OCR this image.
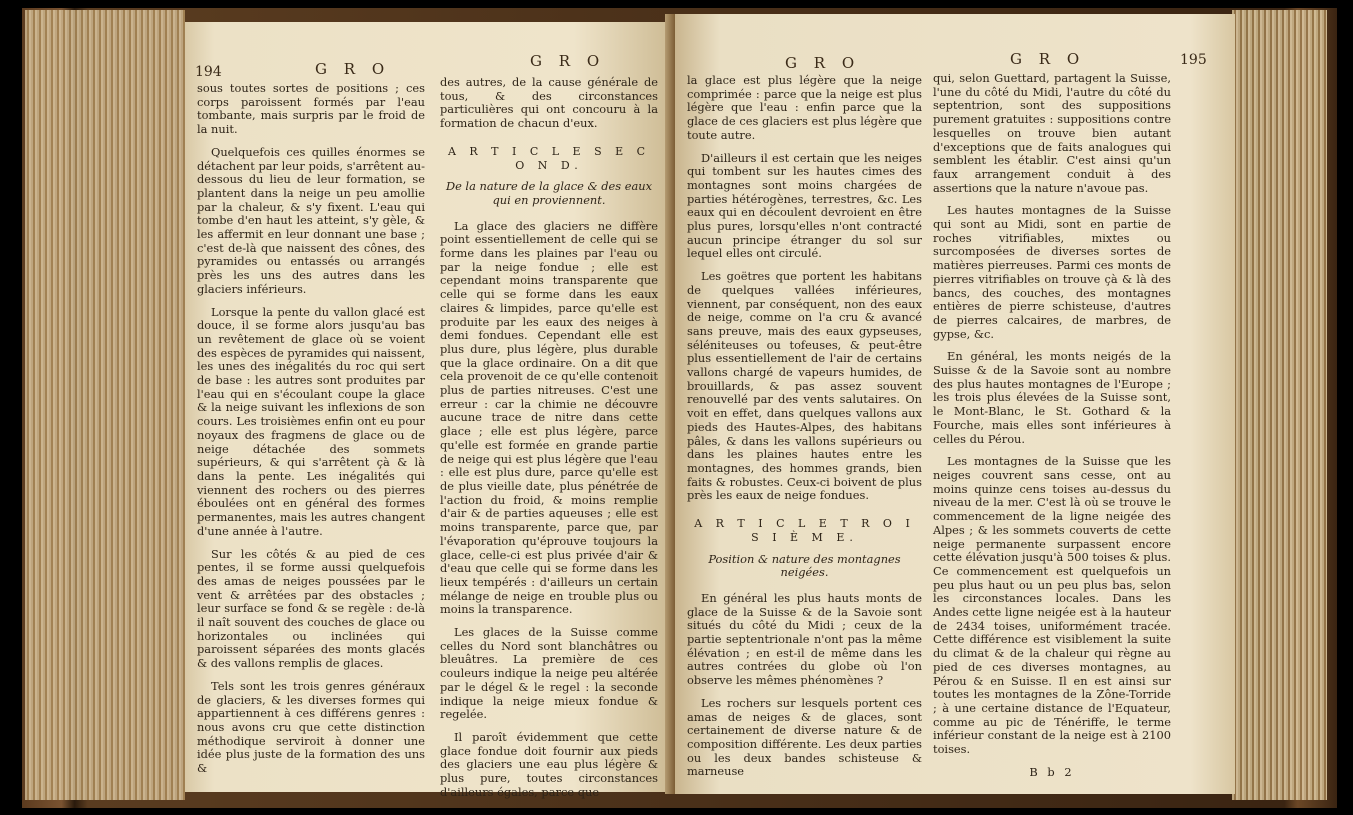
194	G R O	G R O

sous toutes sortes de positions ; ces corps paroissent formés par l'eau tombante, mais surpris par le froid de la nuit.

Quelquefois ces quilles énormes se détachent par leur poids, s'arrêtent au-dessous du lieu de leur formation, se plantent dans la neige un peu amollie par la chaleur, & s'y fixent. L'eau qui tombe d'en haut les atteint, s'y gèle, & les affermit en leur donnant une base ; c'est de-là que naissent des cônes, des pyramides ou entassés ou arrangés près les uns des autres dans les glaciers inférieurs.

Lorsque la pente du vallon glacé est douce, il se forme alors jusqu'au bas un revêtement de glace où se voient des espèces de pyramides qui naissent, les unes des inégalités du roc qui sert de base : les autres sont produites par l'eau qui en s'écoulant coupe la glace & la neige suivant les inflexions de son cours. Les troisièmes enfin ont eu pour noyaux des fragmens de glace ou de neige détachée des sommets supérieurs, & qui s'arrêtent çà & là dans la pente. Les inégalités qui viennent des rochers ou des pierres éboulées ont en général des formes permanentes, mais les autres changent d'une année à l'autre.

Sur les côtés & au pied de ces pentes, il se forme aussi quelquefois des amas de neiges poussées par le vent & arrêtées par des obstacles ; leur surface se fond & se regèle : de-là il naît souvent des couches de glace ou horizontales ou inclinées qui paroissent séparées des monts glacés & des vallons remplis de glaces.

Tels sont les trois genres généraux de glaciers, & les diverses formes qui appartiennent à ces différens genres : nous avons cru que cette distinction méthodique serviroit à donner une idée plus juste de la formation des uns &

des autres, de la cause générale de tous, & des circonstances particulières qui ont concouru à la formation de chacun d'eux.

A R T I C L E S E C O N D.
De la nature de la glace & des eaux qui en proviennent.

La glace des glaciers ne diffère point essentiellement de celle qui se forme dans les plaines par l'eau ou par la neige fondue ; elle est cependant moins transparente que celle qui se forme dans les eaux claires & limpides, parce qu'elle est produite par les eaux des neiges à demi fondues. Cependant elle est plus dure, plus légère, plus durable que la glace ordinaire. On a dit que cela provenoit de ce qu'elle contenoit plus de parties nitreuses. C'est une erreur : car la chimie ne découvre aucune trace de nitre dans cette glace ; elle est plus légère, parce qu'elle est formée en grande partie de neige qui est plus légère que l'eau : elle est plus dure, parce qu'elle est de plus vieille date, plus pénétrée de l'action du froid, & moins remplie d'air & de parties aqueuses ; elle est moins transparente, parce que, par l'évaporation qu'éprouve toujours la glace, celle-ci est plus privée d'air & d'eau que celle qui se forme dans les lieux tempérés : d'ailleurs un certain mélange de neige en trouble plus ou moins la transparence.

Les glaces de la Suisse comme celles du Nord sont blanchâtres ou bleuâtres. La première de ces couleurs indique la neige peu altérée par le dégel & le regel : la seconde indique la neige mieux fondue & regelée.

Il paroît évidemment que cette glace fondue doit fournir aux pieds des glaciers une eau plus légère & plus pure, toutes circonstances d'ailleurs égales, parce que

G R O	G R O	195

la glace est plus légère que la neige comprimée : parce que la neige est plus légère que l'eau : enfin parce que la glace de ces glaciers est plus légère que toute autre.

D'ailleurs il est certain que les neiges qui tombent sur les hautes cimes des montagnes sont moins chargées de parties hétérogènes, terrestres, &c. Les eaux qui en découlent devroient en être plus pures, lorsqu'elles n'ont contracté aucun principe étranger du sol sur lequel elles ont circulé.

Les goëtres que portent les habitans de quelques vallées inférieures, viennent, par conséquent, non des eaux de neige, comme on l'a cru & avancé sans preuve, mais des eaux gypseuses, séléniteuses ou tofeuses, & peut-être plus essentiellement de l'air de certains vallons chargé de vapeurs humides, de brouillards, & pas assez souvent renouvellé par des vents salutaires. On voit en effet, dans quelques vallons aux pieds des Hautes-Alpes, des habitans pâles, & dans les vallons supérieurs ou dans les plaines hautes entre les montagnes, des hommes grands, bien faits & robustes. Ceux-ci boivent de plus près les eaux de neige fondues.

A R T I C L E T R O I S I È M E.
Position & nature des montagnes neigées.

En général les plus hauts monts de glace de la Suisse & de la Savoie sont situés du côté du Midi ; ceux de la partie septentrionale n'ont pas la même élévation ; en est-il de même dans les autres contrées du globe où l'on observe les mêmes phénomènes ?

Les rochers sur lesquels portent ces amas de neiges & de glaces, sont certainement de diverse nature & de composition différente. Les deux parties ou les deux bandes schisteuse & marneuse

qui, selon Guettard, partagent la Suisse, l'une du côté du Midi, l'autre du côté du septentrion, sont des suppositions purement gratuites : suppositions contre lesquelles on trouve bien autant d'exceptions que de faits analogues qui semblent les établir. C'est ainsi qu'un faux arrangement conduit à des assertions que la nature n'avoue pas.

Les hautes montagnes de la Suisse qui sont au Midi, sont en partie de roches vitrifiables, mixtes ou surcomposées de diverses sortes de matières pierreuses. Parmi ces monts de pierres vitrifiables on trouve çà & là des bancs, des couches, des montagnes entières de pierre schisteuse, d'autres de pierres calcaires, de marbres, de gypse, &c.

En général, les monts neigés de la Suisse & de la Savoie sont au nombre des plus hautes montagnes de l'Europe ; les trois plus élevées de la Suisse sont, le Mont-Blanc, le St. Gothard & la Fourche, mais elles sont inférieures à celles du Pérou.

Les montagnes de la Suisse que les neiges couvrent sans cesse, ont au moins quinze cens toises au-dessus du niveau de la mer. C'est là où se trouve le commencement de la ligne neigée des Alpes ; & les sommets couverts de cette neige permanente surpassent encore cette élévation jusqu'à 500 toises & plus. Ce commencement est quelquefois un peu plus haut ou un peu plus bas, selon les circonstances locales. Dans les Andes cette ligne neigée est à la hauteur de 2434 toises, uniformément tracée. Cette différence est visiblement la suite du climat & de la chaleur qui règne au pied de ces diverses montagnes, au Pérou & en Suisse. Il en est ainsi sur toutes les montagnes de la Zône-Torride ; à une certaine distance de l'Equateur, comme au pic de Ténériffe, le terme inférieur constant de la neige est à 2100 toises.

B b 2
